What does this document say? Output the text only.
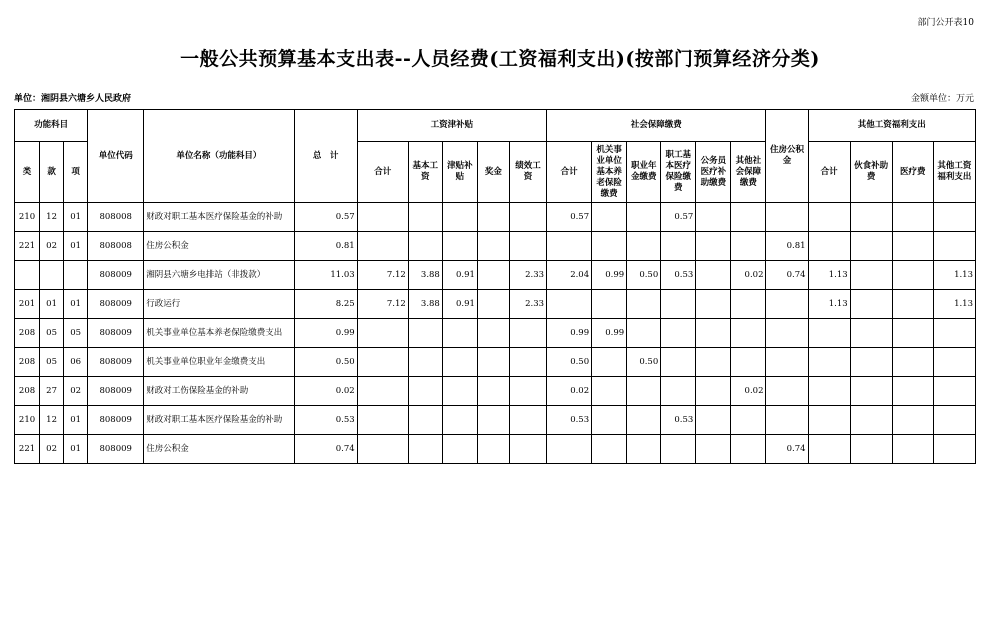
部门公开表10
一般公共预算基本支出表--人员经费(工资福利支出)(按部门预算经济分类)
单位：湘阴县六塘乡人民政府	金额单位：万元
功能科目			单位代码	单位名称（功能科目）	总　计	工资津补贴					社会保障缴费						住房公积金	其他工资福利支出			
类	款	项				合计	基本工资	津贴补贴	奖金	绩效工资	合计	机关事业单位基本养老保险缴费	职业年金缴费	职工基本医疗保险缴费	公务员医疗补助缴费	其他社会保障缴费		合计	伙食补助费	医疗费	其他工资福利支出
210	12	01	808008	财政对职工基本医疗保险基金的补助	0.57						0.57			0.57							
221	02	01	808008	住房公积金	0.81												0.81				
			808009	湘阴县六塘乡电排站（非拨款）	11.03	7.12	3.88	0.91		2.33	2.04	0.99	0.50	0.53		0.02	0.74	1.13			1.13
201	01	01	808009	行政运行	8.25	7.12	3.88	0.91		2.33								1.13			1.13
208	05	05	808009	机关事业单位基本养老保险缴费支出	0.99						0.99	0.99									
208	05	06	808009	机关事业单位职业年金缴费支出	0.50						0.50		0.50								
208	27	02	808009	财政对工伤保险基金的补助	0.02						0.02					0.02					
210	12	01	808009	财政对职工基本医疗保险基金的补助	0.53						0.53			0.53							
221	02	01	808009	住房公积金	0.74												0.74				
